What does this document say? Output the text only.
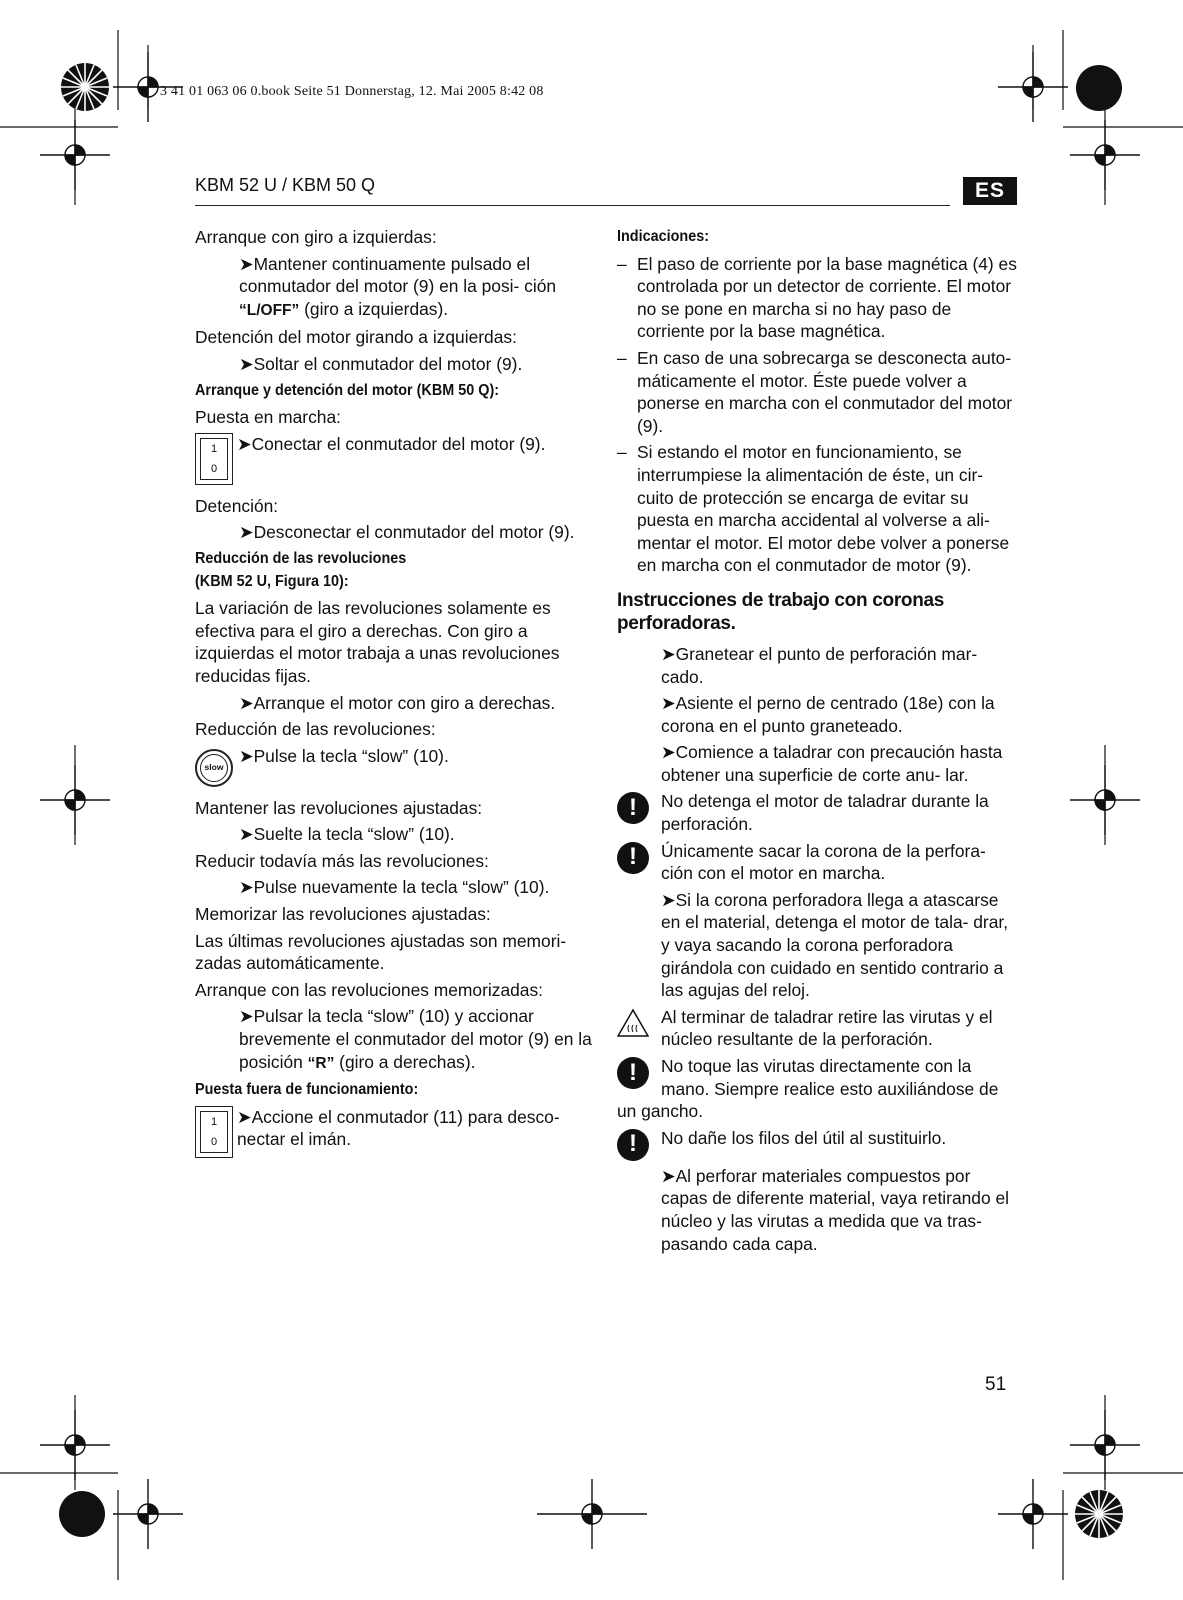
3 41 01 063 06 0.book Seite 51 Donnerstag, 12. Mai 2005 8:42 08
KBM 52 U / KBM 50 Q	ES

Arranque con giro a izquierdas:

➤Mantener continuamente pulsado el conmutador del motor (9) en la posi- ción “L/OFF” (giro a izquierdas).

Detención del motor girando a izquierdas:

➤Soltar el conmutador del motor (9).

Arranque y detención del motor (KBM 50 Q):

Puesta en marcha:

1
0
➤Conectar el conmutador del motor (9).

Detención:

➤Desconectar el conmutador del motor (9).

Reducción de las revoluciones

(KBM 52 U, Figura 10):

La variación de las revoluciones solamente es efectiva para el giro a derechas. Con giro a izquierdas el motor trabaja a unas revoluciones reducidas fijas.

➤Arranque el motor con giro a derechas.

Reducción de las revoluciones:

slow
➤Pulse la tecla “slow” (10).

Mantener las revoluciones ajustadas:

➤Suelte la tecla “slow” (10).

Reducir todavía más las revoluciones:

➤Pulse nuevamente la tecla “slow” (10).

Memorizar las revoluciones ajustadas:

Las últimas revoluciones ajustadas son memori- zadas automáticamente.

Arranque con las revoluciones memorizadas:

➤Pulsar la tecla “slow” (10) y accionar brevemente el conmutador del motor (9) en la posición “R” (giro a derechas).

Puesta fuera de funcionamiento:

1
0
➤Accione el conmutador (11) para desco- nectar el imán.

Indicaciones:

– El paso de corriente por la base magnética (4) es controlada por un detector de corriente. El motor no se pone en marcha si no hay paso de corriente por la base magnética.
– En caso de una sobrecarga se desconecta auto- máticamente el motor. Éste puede volver a ponerse en marcha con el conmutador del motor (9).
– Si estando el motor en funcionamiento, se interrumpiese la alimentación de éste, un cir- cuito de protección se encarga de evitar su puesta en marcha accidental al volverse a ali- mentar el motor. El motor debe volver a ponerse en marcha con el conmutador de motor (9).

Instrucciones de trabajo con coronas perforadoras.

➤Granetear el punto de perforación mar- cado.

➤Asiente el perno de centrado (18e) con la corona en el punto graneteado.

➤Comience a taladrar con precaución hasta obtener una superficie de corte anu- lar.

!	No detenga el motor de taladrar durante la perforación.
!	Únicamente sacar la corona de la perfora- ción con el motor en marcha.

➤Si la corona perforadora llega a atascarse en el material, detenga el motor de tala- drar, y vaya sacando la corona perforadora girándola con cuidado en sentido contrario a las agujas del reloj.

Al terminar de taladrar retire las virutas y el núcleo resultante de la perforación.
!	No toque las virutas directamente con la mano. Siempre realice esto auxiliándose de

un gancho.

!	No dañe los filos del útil al sustituirlo.

➤Al perforar materiales compuestos por capas de diferente material, vaya retirando el núcleo y las virutas a medida que va tras- pasando cada capa.

51
